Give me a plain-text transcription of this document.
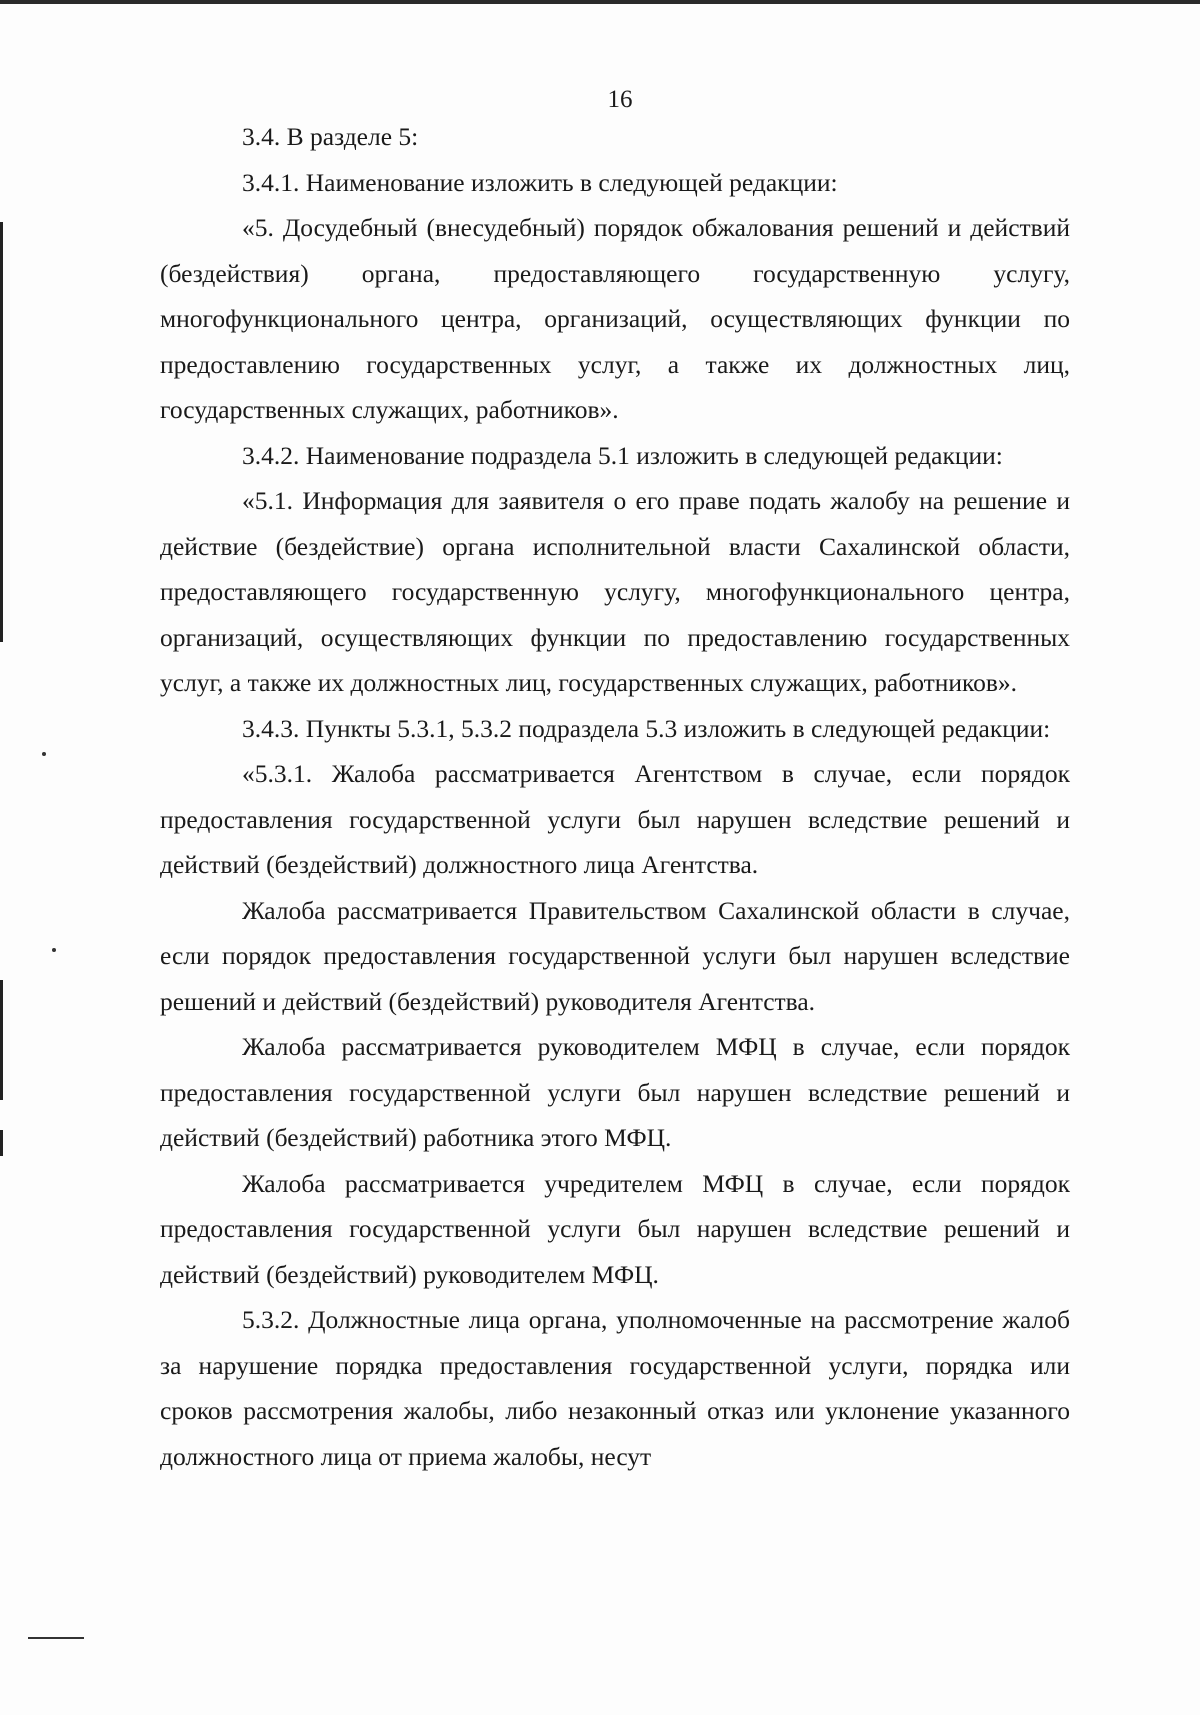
16

3.4. В разделе 5:

3.4.1. Наименование изложить в следующей редакции:

«5. Досудебный (внесудебный) порядок обжалования решений и действий (бездействия) органа, предоставляющего государственную услугу, многофункционального центра, организаций, осуществляющих функции по предоставлению государственных услуг, а также их должностных лиц, государственных служащих, работников».

3.4.2. Наименование подраздела 5.1 изложить в следующей редакции:

«5.1. Информация для заявителя о его праве подать жалобу на решение и действие (бездействие) органа исполнительной власти Сахалинской области, предоставляющего государственную услугу, многофункционального центра, организаций, осуществляющих функции по предоставлению государственных услуг, а также их должностных лиц, государственных служащих, работников».

3.4.3. Пункты 5.3.1, 5.3.2 подраздела 5.3 изложить в следующей редакции:

«5.3.1. Жалоба рассматривается Агентством в случае, если порядок предоставления государственной услуги был нарушен вследствие решений и действий (бездействий) должностного лица Агентства.

Жалоба рассматривается Правительством Сахалинской области в случае, если порядок предоставления государственной услуги был нарушен вследствие решений и действий (бездействий) руководителя Агентства.

Жалоба рассматривается руководителем МФЦ в случае, если порядок предоставления государственной услуги был нарушен вследствие решений и действий (бездействий) работника этого МФЦ.

Жалоба рассматривается учредителем МФЦ в случае, если порядок предоставления государственной услуги был нарушен вследствие решений и действий (бездействий) руководителем МФЦ.

5.3.2. Должностные лица органа, уполномоченные на рассмотрение жалоб за нарушение порядка предоставления государственной услуги, порядка или сроков рассмотрения жалобы, либо незаконный отказ или уклонение указанного должностного лица от приема жалобы, несут
